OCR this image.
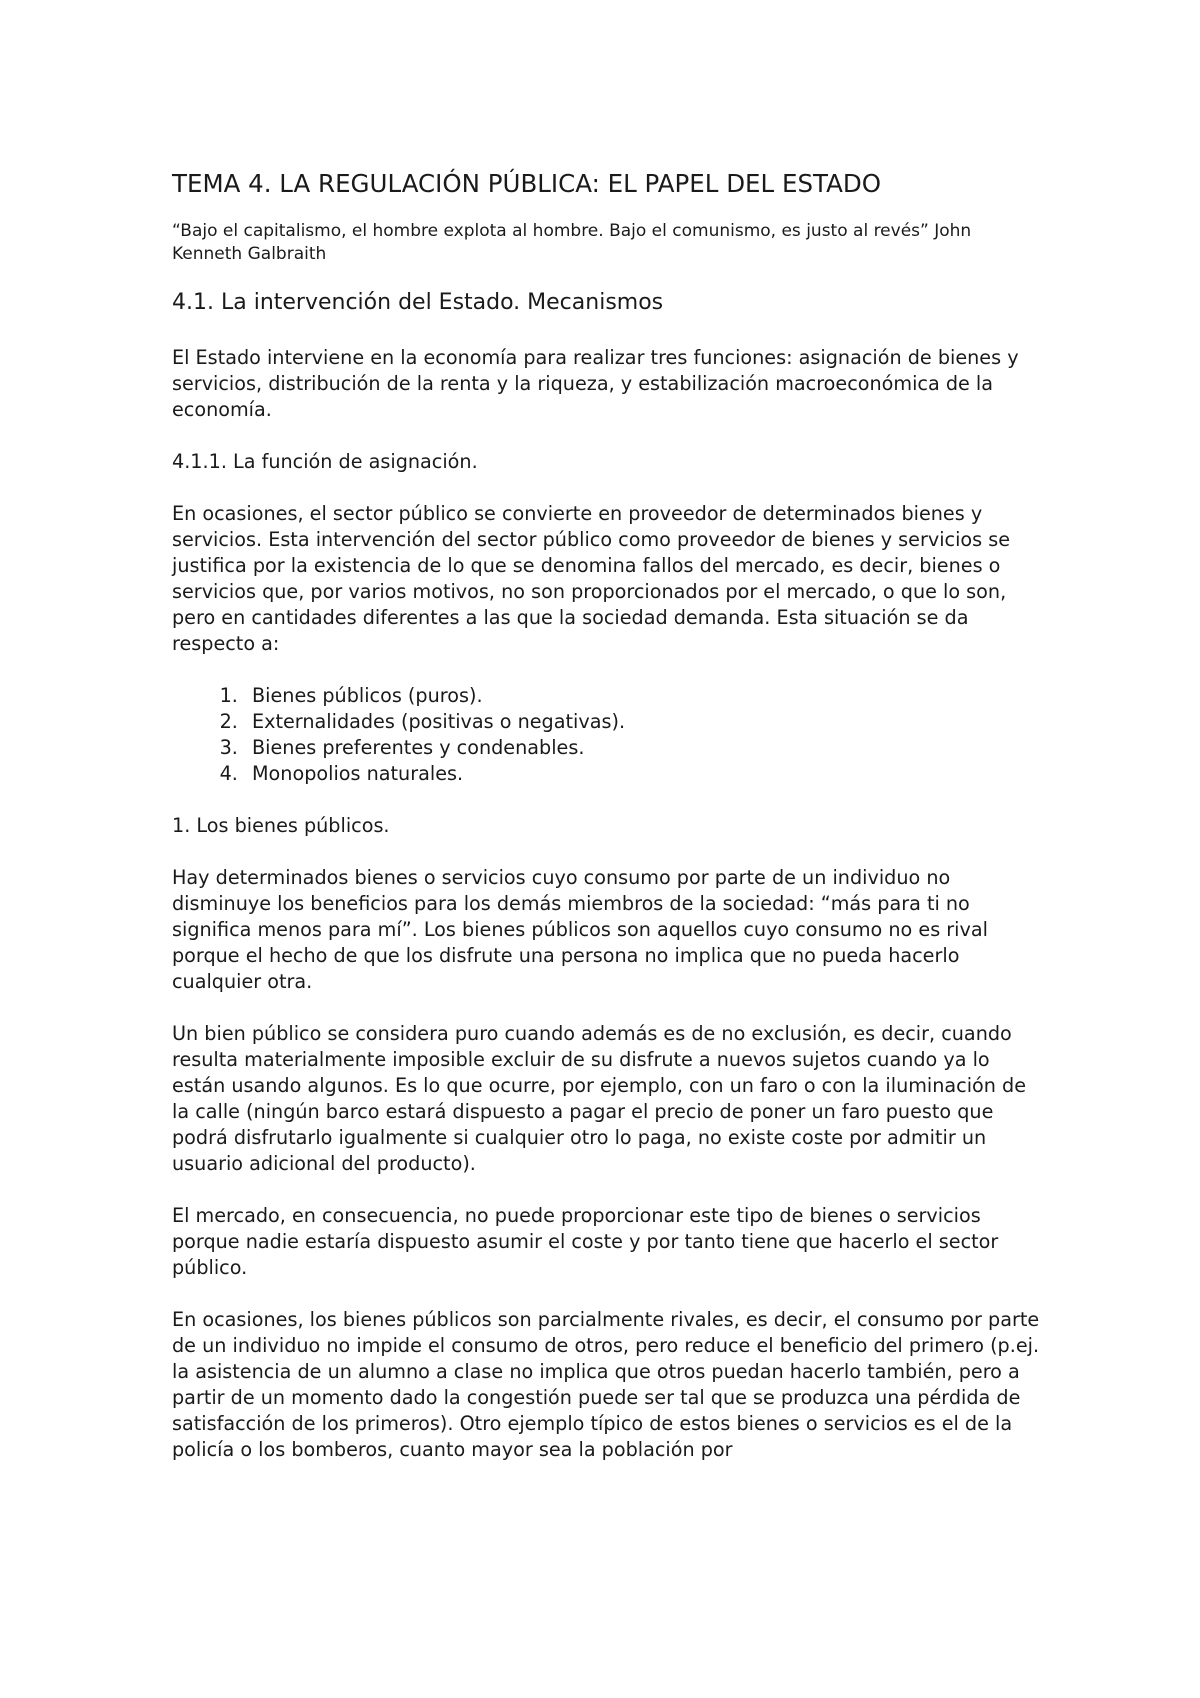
TEMA 4. LA REGULACIÓN PÚBLICA: EL PAPEL DEL ESTADO

“Bajo el capitalismo, el hombre explota al hombre. Bajo el comunismo, es justo al revés” John Kenneth Galbraith

4.1. La intervención del Estado. Mecanismos

El Estado interviene en la economía para realizar tres funciones: asignación de bienes y servicios, distribución de la renta y la riqueza, y estabilización macroeconómica de la economía.

4.1.1. La función de asignación.

En ocasiones, el sector público se convierte en proveedor de determinados bienes y servicios. Esta intervención del sector público como proveedor de bienes y servicios se justifica por la existencia de lo que se denomina fallos del mercado, es decir, bienes o servicios que, por varios motivos, no son proporcionados por el mercado, o que lo son, pero en cantidades diferentes a las que la sociedad demanda. Esta situación se da respecto a:

1. Bienes públicos (puros).
2. Externalidades (positivas o negativas).
3. Bienes preferentes y condenables.
4. Monopolios naturales.

1. Los bienes públicos.

Hay determinados bienes o servicios cuyo consumo por parte de un individuo no disminuye los beneficios para los demás miembros de la sociedad: “más para ti no significa menos para mí”. Los bienes públicos son aquellos cuyo consumo no es rival porque el hecho de que los disfrute una persona no implica que no pueda hacerlo cualquier otra.

Un bien público se considera puro cuando además es de no exclusión, es decir, cuando resulta materialmente imposible excluir de su disfrute a nuevos sujetos cuando ya lo están usando algunos. Es lo que ocurre, por ejemplo, con un faro o con la iluminación de la calle (ningún barco estará dispuesto a pagar el precio de poner un faro puesto que podrá disfrutarlo igualmente si cualquier otro lo paga, no existe coste por admitir un usuario adicional del producto).

El mercado, en consecuencia, no puede proporcionar este tipo de bienes o servicios porque nadie estaría dispuesto asumir el coste y por tanto tiene que hacerlo el sector público.

En ocasiones, los bienes públicos son parcialmente rivales, es decir, el consumo por parte de un individuo no impide el consumo de otros, pero reduce el beneficio del primero (p.ej. la asistencia de un alumno a clase no implica que otros puedan hacerlo también, pero a partir de un momento dado la congestión puede ser tal que se produzca una pérdida de satisfacción de los primeros). Otro ejemplo típico de estos bienes o servicios es el de la policía o los bomberos, cuanto mayor sea la población por
